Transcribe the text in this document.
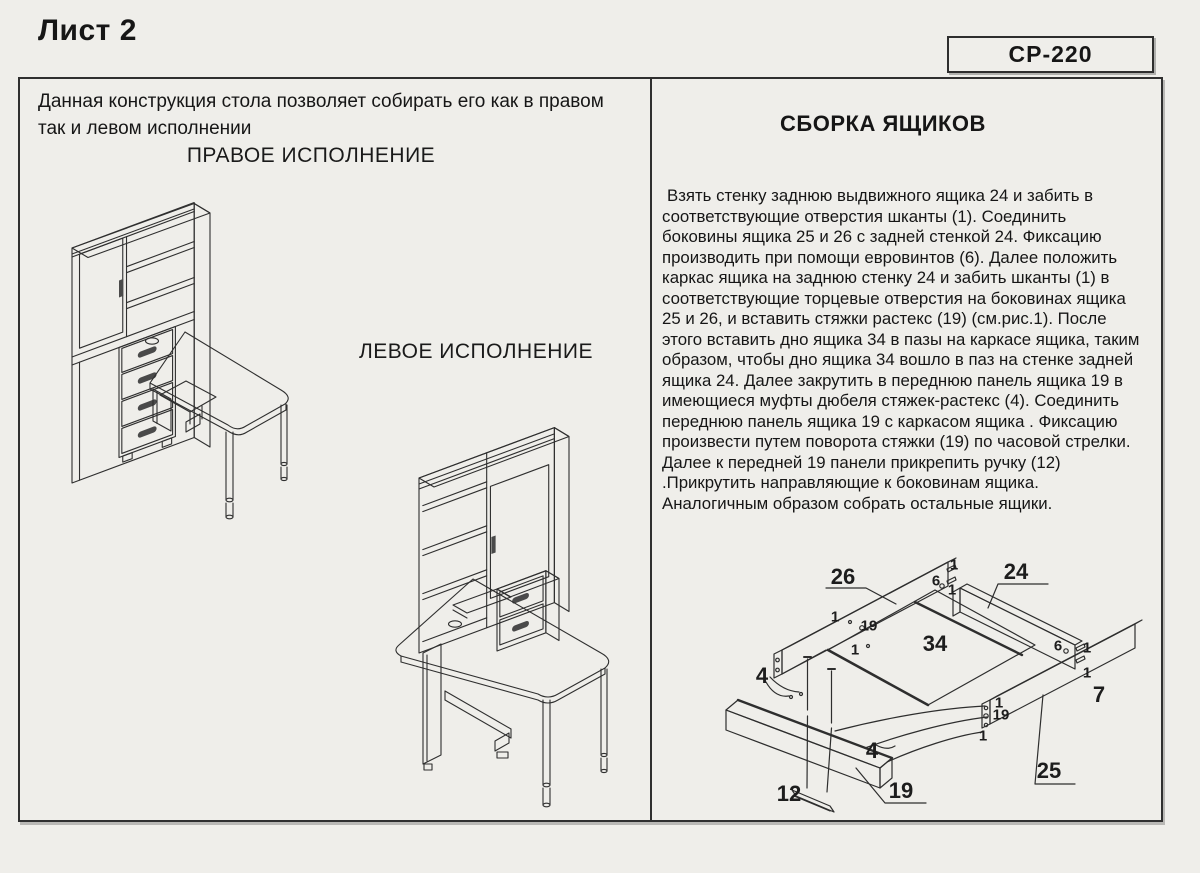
Лист 2
СР-220
Данная конструкция стола позволяет собирать его как в правом так и левом исполнении
ПРАВОЕ ИСПОЛНЕНИЕ
ЛЕВОЕ ИСПОЛНЕНИЕ
СБОРКА ЯЩИКОВ
Взять стенку заднюю выдвижного ящика 24 и забить в соответствующие отверстия шканты (1). Соединить боковины ящика 25 и 26 с задней стенкой 24. Фиксацию производить при помощи евровинтов (6). Далее положить каркас ящика на заднюю стенку 24 и забить шканты (1) в соответствующие торцевые отверстия на боковинах ящика 25 и 26, и вставить стяжки растекс (19) (см.рис.1). После этого вставить дно ящика 34 в пазы на каркасе ящика, таким образом, чтобы дно ящика 34 вошло в паз на стенке задней ящика 24. Далее закрутить в переднюю панель ящика 19 в имеющиеся муфты дюбеля стяжек-растекс (4). Соединить переднюю панель ящика 19 с каркасом ящика . Фиксацию произвести путем поворота стяжки (19) по часовой стрелки. Далее к передней 19 панели прикрепить ручку (12) .Прикрутить направляющие к боковинам ящика. Аналогичным образом собрать остальные ящики.
26	24
34
4
7
4
19
25
12
1
6
1
1
19
1	6 1
1
1
19
1
